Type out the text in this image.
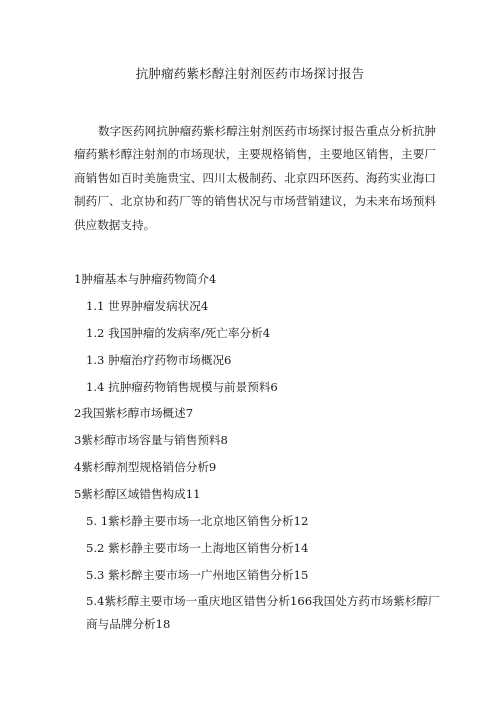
抗肿瘤药紫杉醇注射剂医药市场探讨报告

数字医药网抗肿瘤药紫杉醇注射剂医药市场探讨报告重点分析抗肿瘤药紫杉醇注射剂的市场现状，主要规格销售，主要地区销售，主要厂商销售如百时美施贵宝、四川太极制药、北京四环医药、海药实业海口制药厂、北京协和药厂等的销售状况与市场营销建议，为未来布场预料供应数据支持。

1肿瘤基本与肿瘤药物简介4
1.1 世界肿瘤发病状况4
1.2 我国肿瘤的发病率/死亡率分析4
1.3 肿瘤治疗药物市场概况6
1.4 抗肿瘤药物销售规模与前景预料6
2我国紫杉醇市场概述7
3紫杉醇市场容量与销售预料8
4紫杉醇剂型规格销倍分析9
5紫杉醇区域错售构成11
5. 1紫杉静主要市场一北京地区销售分析12
5.2 紫杉静主要市场一上海地区销售分析14
5.3 紫杉醉主要市场一广州地区销售分析15
5.4紫杉醇主要市场一重庆地区错售分析166我国处方药市场紫杉醇厂商与品牌分析18
